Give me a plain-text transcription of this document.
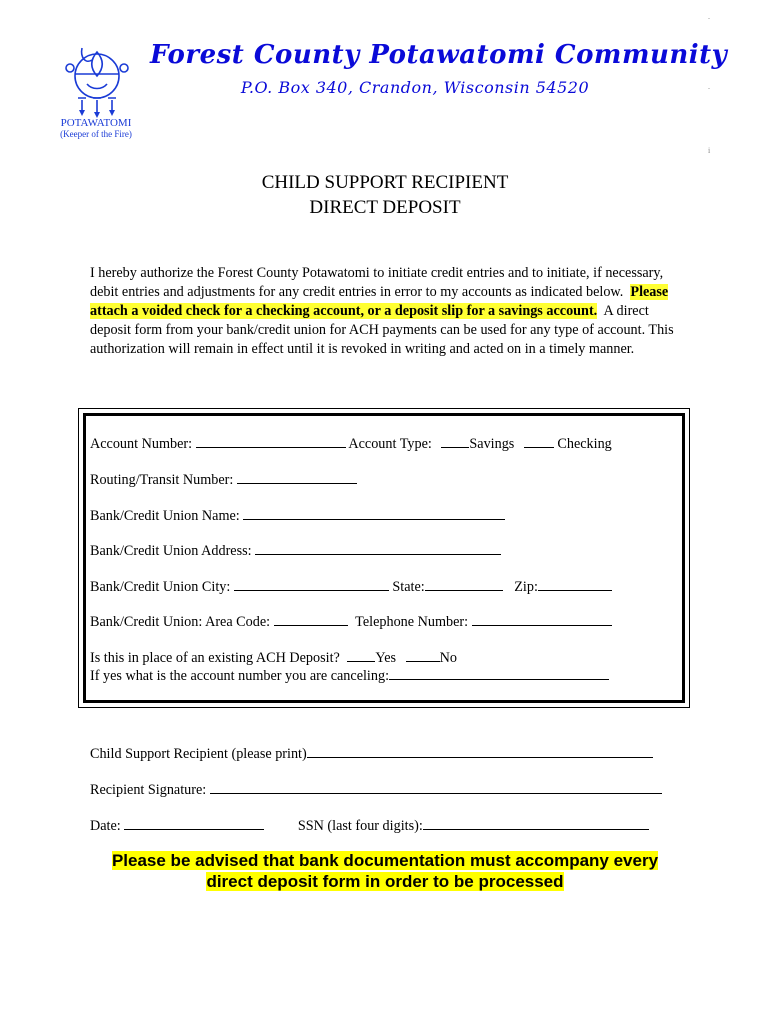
POTAWATOMI
(Keeper of the Fire)
Forest County Potawatomi Community
P.O. Box 340, Crandon, Wisconsin 54520
.
.
i
CHILD SUPPORT RECIPIENT
DIRECT DEPOSIT
I hereby authorize the Forest County Potawatomi to initiate credit entries and to initiate, if necessary, debit entries and adjustments for any credit entries in error to my accounts as indicated below. Please attach a voided check for a checking account, or a deposit slip for a savings account. A direct deposit form from your bank/credit union for ACH payments can be used for any type of account. This authorization will remain in effect until it is revoked in writing and acted on in a timely manner.
Account Number:	Account Type:	Savings	Checking
Routing/Transit Number:
Bank/Credit Union Name:
Bank/Credit Union Address:
Bank/Credit Union City:	State:	Zip:
Bank/Credit Union: Area Code:	Telephone Number:
Is this in place of an existing ACH Deposit?	Yes	No
If yes what is the account number you are canceling:
Child Support Recipient (please print)
Recipient Signature:
Date:	SSN (last four digits):
Please be advised that bank documentation must accompany every
direct deposit form in order to be processed
